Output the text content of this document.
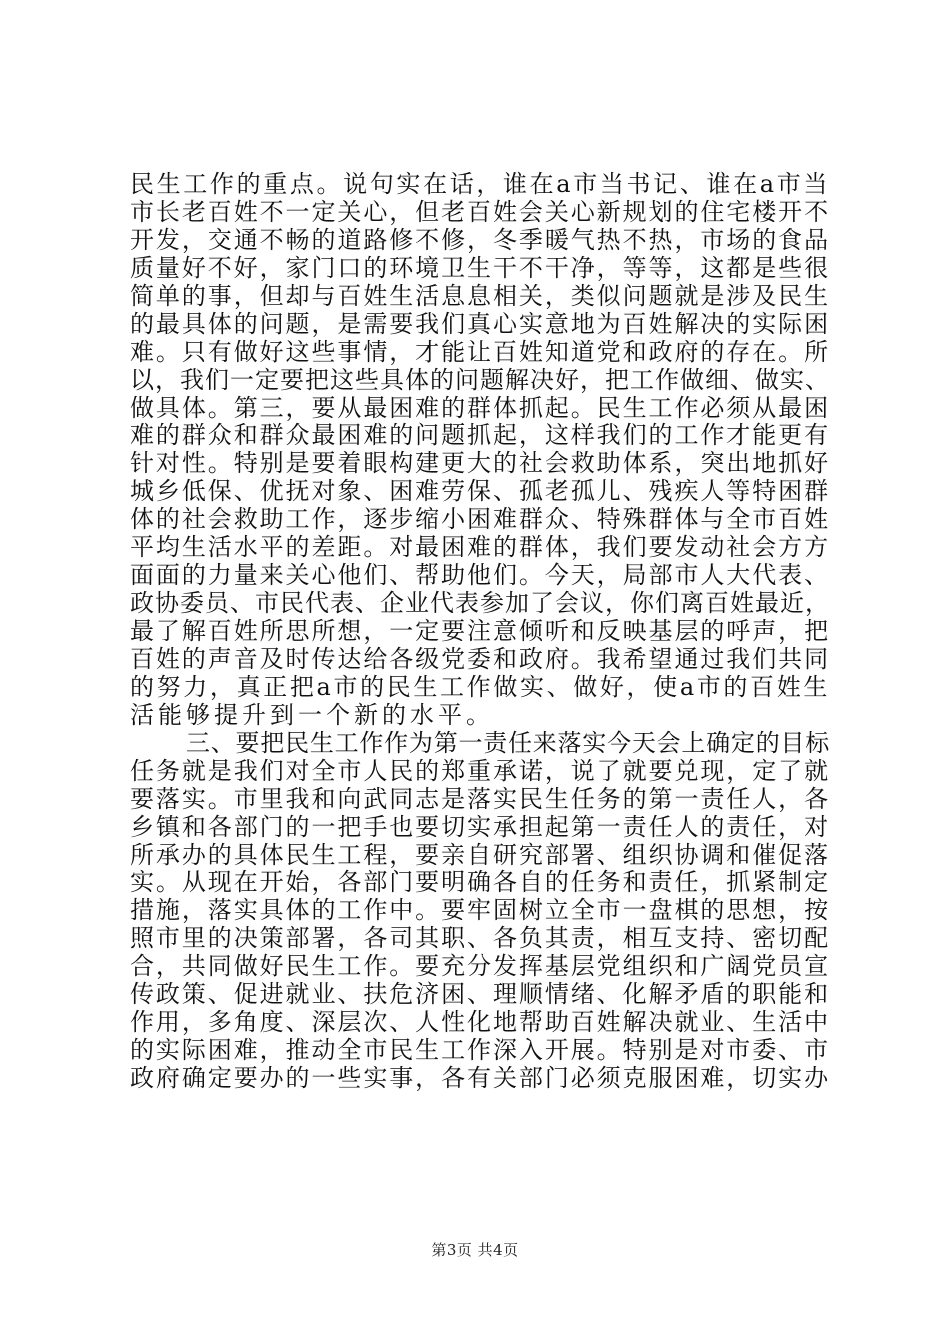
民生工作的重点。说句实在话，谁在a市当书记、谁在a市当
市长老百姓不一定关心，但老百姓会关心新规划的住宅楼开不
开发，交通不畅的道路修不修，冬季暖气热不热，市场的食品
质量好不好，家门口的环境卫生干不干净，等等，这都是些很
简单的事，但却与百姓生活息息相关，类似问题就是涉及民生
的最具体的问题，是需要我们真心实意地为百姓解决的实际困
难。只有做好这些事情，才能让百姓知道党和政府的存在。所
以，我们一定要把这些具体的问题解决好，把工作做细、做实、
做具体。第三，要从最困难的群体抓起。民生工作必须从最困
难的群众和群众最困难的问题抓起，这样我们的工作才能更有
针对性。特别是要着眼构建更大的社会救助体系，突出地抓好
城乡低保、优抚对象、困难劳保、孤老孤儿、残疾人等特困群
体的社会救助工作，逐步缩小困难群众、特殊群体与全市百姓
平均生活水平的差距。对最困难的群体，我们要发动社会方方
面面的力量来关心他们、帮助他们。今天，局部市人大代表、
政协委员、市民代表、企业代表参加了会议，你们离百姓最近，
最了解百姓所思所想，一定要注意倾听和反映基层的呼声，把
百姓的声音及时传达给各级党委和政府。我希望通过我们共同
的努力，真正把a市的民生工作做实、做好，使a市的百姓生
活能够提升到一个新的水平。
三、要把民生工作作为第一责任来落实今天会上确定的目标
任务就是我们对全市人民的郑重承诺，说了就要兑现，定了就
要落实。市里我和向武同志是落实民生任务的第一责任人，各
乡镇和各部门的一把手也要切实承担起第一责任人的责任，对
所承办的具体民生工程，要亲自研究部署、组织协调和催促落
实。从现在开始，各部门要明确各自的任务和责任，抓紧制定
措施，落实具体的工作中。要牢固树立全市一盘棋的思想，按
照市里的决策部署，各司其职、各负其责，相互支持、密切配
合，共同做好民生工作。要充分发挥基层党组织和广阔党员宣
传政策、促进就业、扶危济困、理顺情绪、化解矛盾的职能和
作用，多角度、深层次、人性化地帮助百姓解决就业、生活中
的实际困难，推动全市民生工作深入开展。特别是对市委、市
政府确定要办的一些实事，各有关部门必须克服困难，切实办
第3页 共4页
